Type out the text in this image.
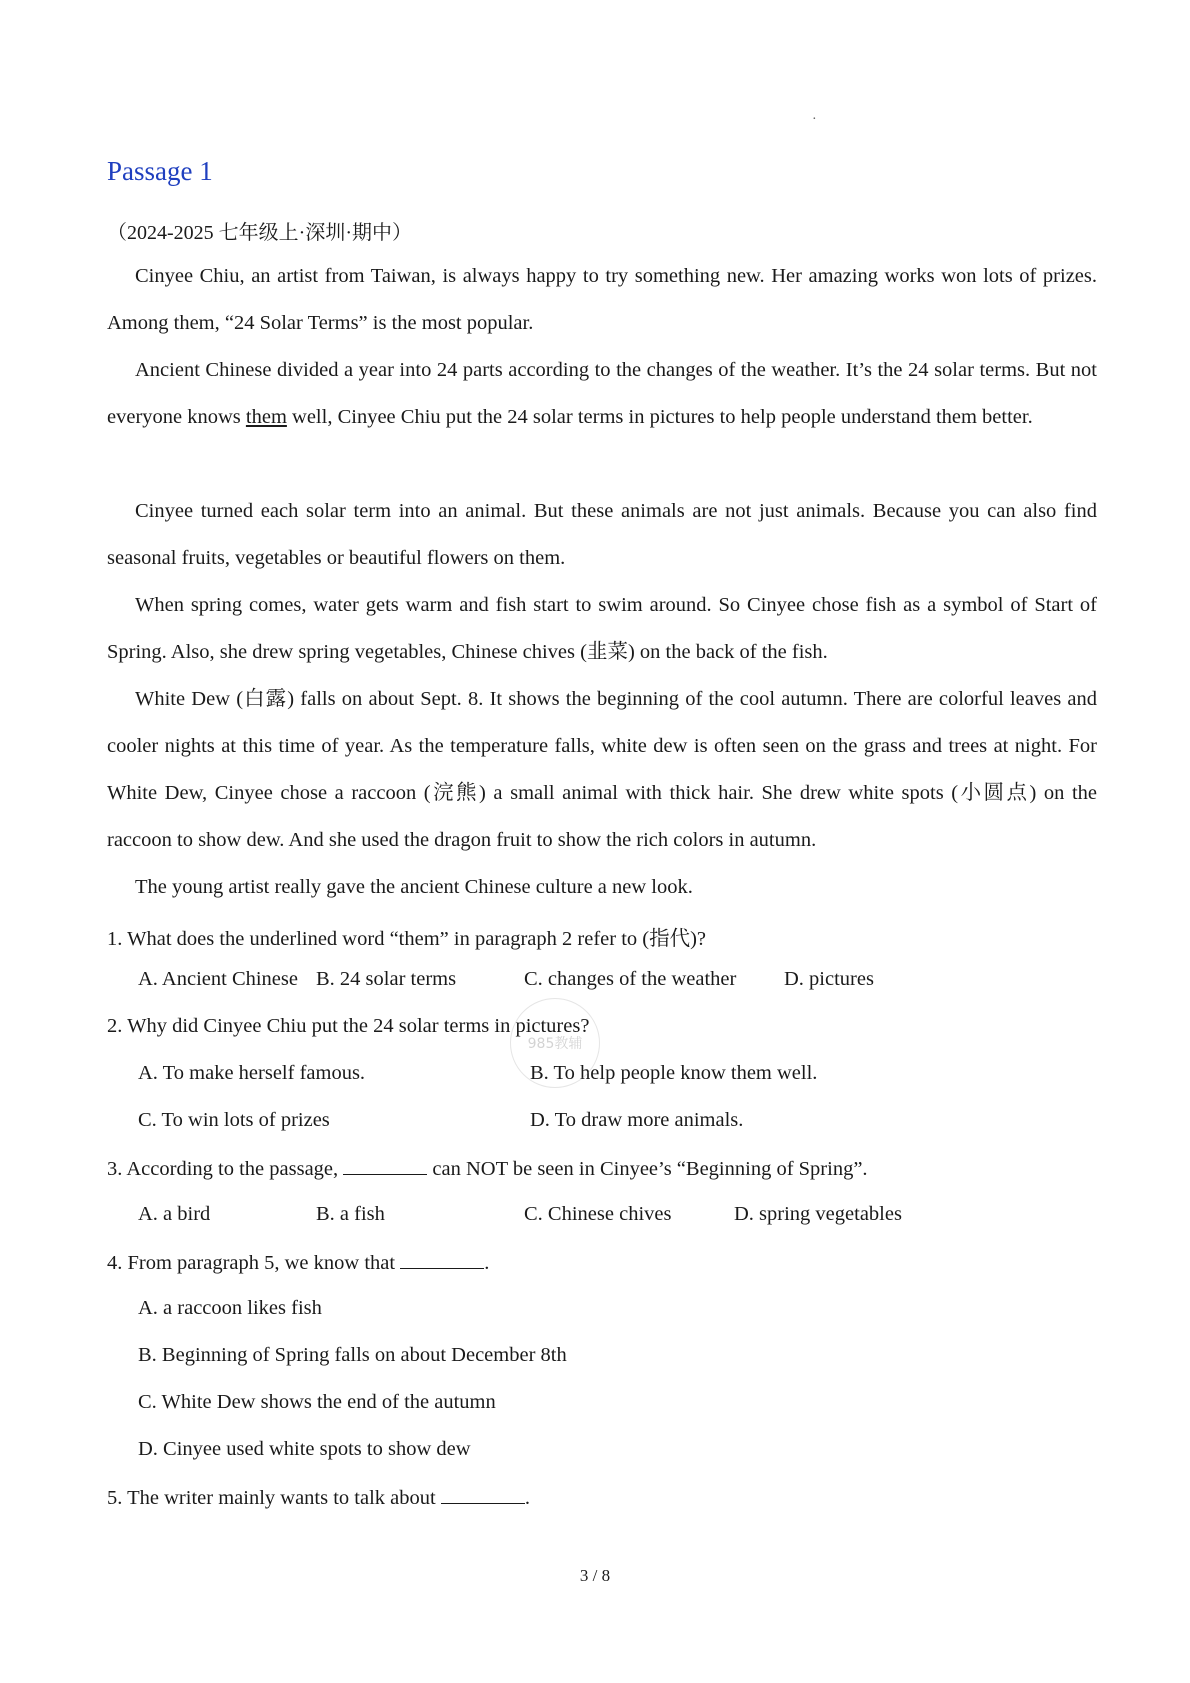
·
Passage 1
（2024-2025 七年级上·深圳·期中）

Cinyee Chiu, an artist from Taiwan, is always happy to try something new. Her amazing works won lots of prizes. Among them, “24 Solar Terms” is the most popular.

Ancient Chinese divided a year into 24 parts according to the changes of the weather. It’s the 24 solar terms. But not everyone knows them well, Cinyee Chiu put the 24 solar terms in pictures to help people understand them better.

Cinyee turned each solar term into an animal. But these animals are not just animals. Because you can also find seasonal fruits, vegetables or beautiful flowers on them.

When spring comes, water gets warm and fish start to swim around. So Cinyee chose fish as a symbol of Start of Spring. Also, she drew spring vegetables, Chinese chives (韭菜) on the back of the fish.

White Dew (白露) falls on about Sept. 8. It shows the beginning of the cool autumn. There are colorful leaves and cooler nights at this time of year. As the temperature falls, white dew is often seen on the grass and trees at night. For White Dew, Cinyee chose a raccoon (浣熊) a small animal with thick hair. She drew white spots (小圆点) on the raccoon to show dew. And she used the dragon fruit to show the rich colors in autumn.

The young artist really gave the ancient Chinese culture a new look.

1. What does the underlined word “them” in paragraph 2 refer to (指代)?
A. Ancient Chinese B. 24 solar terms	C. changes of the weather D. pictures
2. Why did Cinyee Chiu put the 24 solar terms in pictures?
A. To make herself famous.	B. To help people know them well.
C. To win lots of prizes	D. To draw more animals.
985教辅
3. According to the passage,	can NOT be seen in Cinyee’s “Beginning of Spring”.
A. a bird	B. a fish	C. Chinese chives	D. spring vegetables
4. From paragraph 5, we know that	.
A. a raccoon likes fish
B. Beginning of Spring falls on about December 8th
C. White Dew shows the end of the autumn
D. Cinyee used white spots to show dew
5. The writer mainly wants to talk about	.
3 / 8
